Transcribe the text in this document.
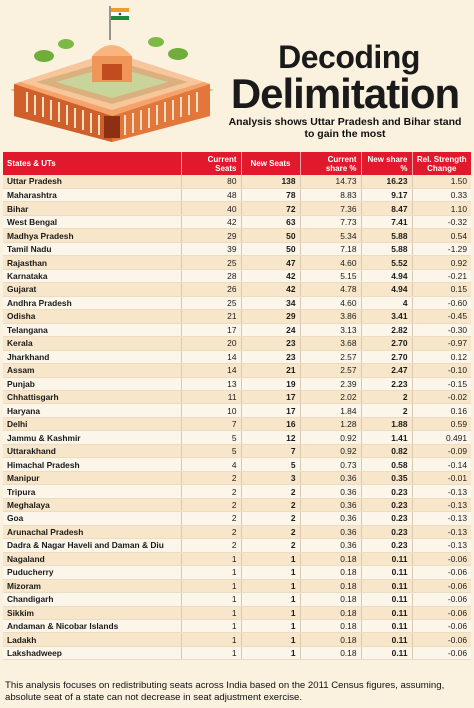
Decoding
Delimitation
Analysis shows Uttar Pradesh and Bihar stand
to gain the most
States & UTs	Current Seats	New Seats	Current share %	New share %	Rel. Strength Change
Uttar Pradesh	80	138	14.73	16.23	1.50
Maharashtra	48	78	8.83	9.17	0.33
Bihar	40	72	7.36	8.47	1.10
West Bengal	42	63	7.73	7.41	-0.32
Madhya Pradesh	29	50	5.34	5.88	0.54
Tamil Nadu	39	50	7.18	5.88	-1.29
Rajasthan	25	47	4.60	5.52	0.92
Karnataka	28	42	5.15	4.94	-0.21
Gujarat	26	42	4.78	4.94	0.15
Andhra Pradesh	25	34	4.60	4	-0.60
Odisha	21	29	3.86	3.41	-0.45
Telangana	17	24	3.13	2.82	-0.30
Kerala	20	23	3.68	2.70	-0.97
Jharkhand	14	23	2.57	2.70	0.12
Assam	14	21	2.57	2.47	-0.10
Punjab	13	19	2.39	2.23	-0.15
Chhattisgarh	11	17	2.02	2	-0.02
Haryana	10	17	1.84	2	0.16
Delhi	7	16	1.28	1.88	0.59
Jammu & Kashmir	5	12	0.92	1.41	0.491
Uttarakhand	5	7	0.92	0.82	-0.09
Himachal Pradesh	4	5	0.73	0.58	-0.14
Manipur	2	3	0.36	0.35	-0.01
Tripura	2	2	0.36	0.23	-0.13
Meghalaya	2	2	0.36	0.23	-0.13
Goa	2	2	0.36	0.23	-0.13
Arunachal Pradesh	2	2	0.36	0.23	-0.13
Dadra & Nagar Haveli and Daman & Diu	2	2	0.36	0.23	-0.13
Nagaland	1	1	0.18	0.11	-0.06
Puducherry	1	1	0.18	0.11	-0.06
Mizoram	1	1	0.18	0.11	-0.06
Chandigarh	1	1	0.18	0.11	-0.06
Sikkim	1	1	0.18	0.11	-0.06
Andaman & Nicobar Islands	1	1	0.18	0.11	-0.06
Ladakh	1	1	0.18	0.11	-0.06
Lakshadweep	1	1	0.18	0.11	-0.06
This analysis focuses on redistributing seats across India based on the 2011 Census figures, assuming, absolute seat of a state can not decrease in seat adjustment exercise.
